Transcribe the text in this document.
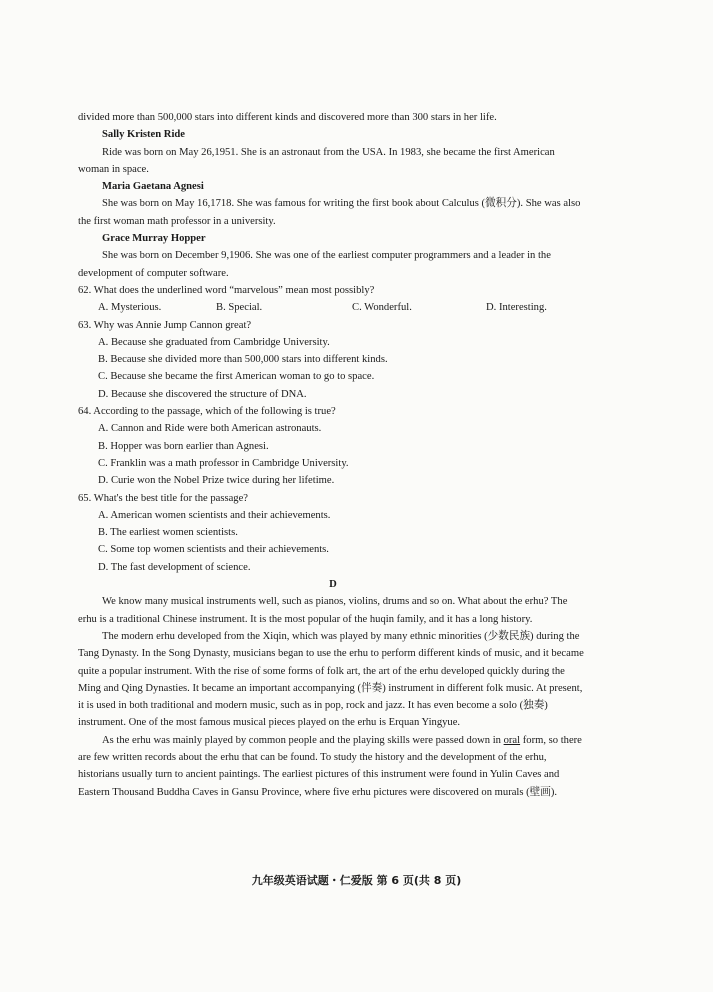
divided more than 500,000 stars into different kinds and discovered more than 300 stars in her life.

Sally Kristen Ride

Ride was born on May 26,1951. She is an astronaut from the USA. In 1983, she became the first American woman in space.

Maria Gaetana Agnesi

She was born on May 16,1718. She was famous for writing the first book about Calculus (微积分). She was also the first woman math professor in a university.

Grace Murray Hopper

She was born on December 9,1906. She was one of the earliest computer programmers and a leader in the development of computer software.

62. What does the underlined word “marvelous” mean most possibly?

A. Mysterious.	B. Special.	C. Wonderful.	D. Interesting.

63. Why was Annie Jump Cannon great?

A. Because she graduated from Cambridge University.

B. Because she divided more than 500,000 stars into different kinds.

C. Because she became the first American woman to go to space.

D. Because she discovered the structure of DNA.

64. According to the passage, which of the following is true?

A. Cannon and Ride were both American astronauts.

B. Hopper was born earlier than Agnesi.

C. Franklin was a math professor in Cambridge University.

D. Curie won the Nobel Prize twice during her lifetime.

65. What's the best title for the passage?

A. American women scientists and their achievements.

B. The earliest women scientists.

C. Some top women scientists and their achievements.

D. The fast development of science.

D

We know many musical instruments well, such as pianos, violins, drums and so on. What about the erhu? The erhu is a traditional Chinese instrument. It is the most popular of the huqin family, and it has a long history.

The modern erhu developed from the Xiqin, which was played by many ethnic minorities (少数民族) during the Tang Dynasty. In the Song Dynasty, musicians began to use the erhu to perform different kinds of music, and it became quite a popular instrument. With the rise of some forms of folk art, the art of the erhu developed quickly during the Ming and Qing Dynasties. It became an important accompanying (伴奏) instrument in different folk music. At present, it is used in both traditional and modern music, such as in pop, rock and jazz. It has even become a solo (独奏) instrument. One of the most famous musical pieces played on the erhu is Erquan Yingyue.

As the erhu was mainly played by common people and the playing skills were passed down in oral form, so there are few written records about the erhu that can be found. To study the history and the development of the erhu, historians usually turn to ancient paintings. The earliest pictures of this instrument were found in Yulin Caves and Eastern Thousand Buddha Caves in Gansu Province, where five erhu pictures were discovered on murals (壁画).

九年级英语试题・仁爱版 第 6 页(共 8 页)
